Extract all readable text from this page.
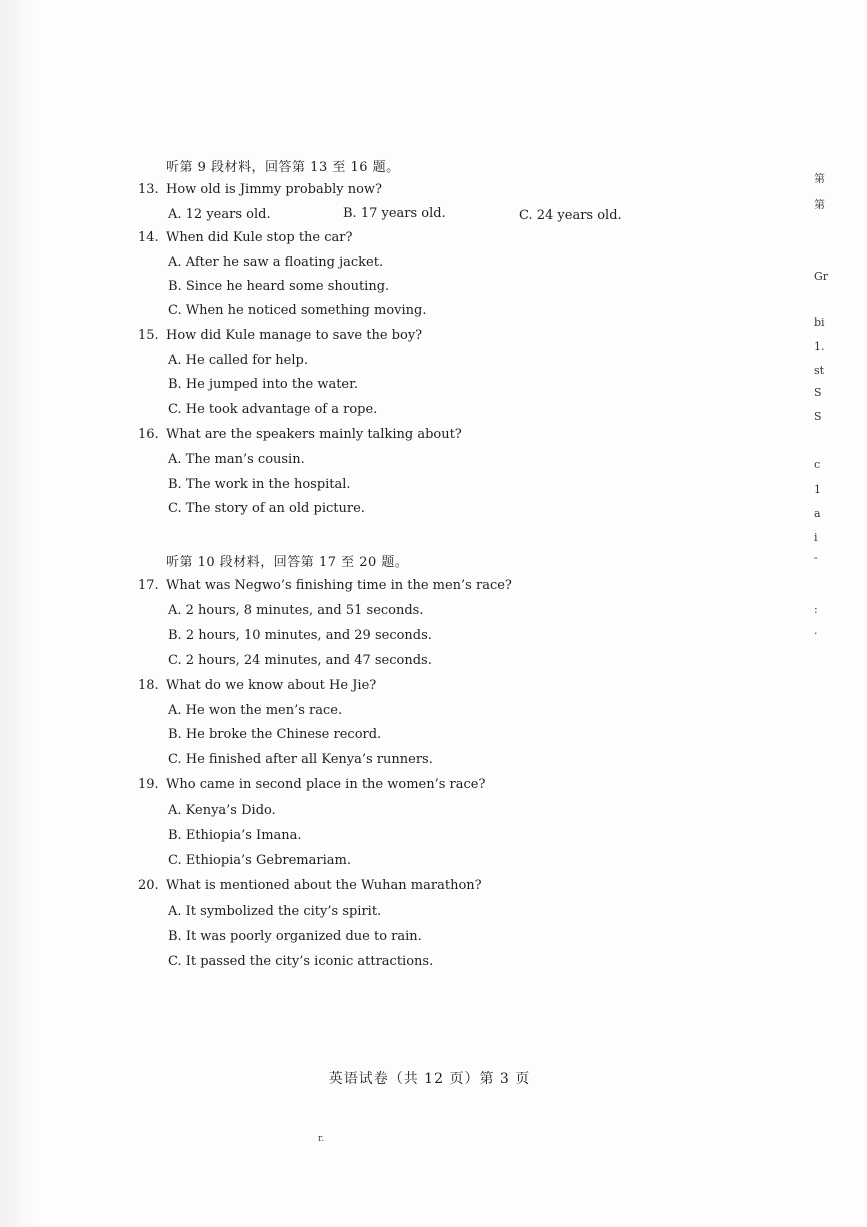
听第 9 段材料，回答第 13 至 16 题。
13. How old is Jimmy probably now?
A. 12 years old.	B. 17 years old.	C. 24 years old.
14. When did Kule stop the car?
A. After he saw a floating jacket.
B. Since he heard some shouting.
C. When he noticed something moving.
15. How did Kule manage to save the boy?
A. He called for help.
B. He jumped into the water.
C. He took advantage of a rope.
16. What are the speakers mainly talking about?
A. The man’s cousin.
B. The work in the hospital.
C. The story of an old picture.
听第 10 段材料，回答第 17 至 20 题。
17. What was Negwo’s finishing time in the men’s race?
A. 2 hours, 8 minutes, and 51 seconds.
B. 2 hours, 10 minutes, and 29 seconds.
C. 2 hours, 24 minutes, and 47 seconds.
18. What do we know about He Jie?
A. He won the men’s race.
B. He broke the Chinese record.
C. He finished after all Kenya’s runners.
19. Who came in second place in the women’s race?
A. Kenya’s Dido.
B. Ethiopia’s Imana.
C. Ethiopia’s Gebremariam.
20. What is mentioned about the Wuhan marathon?
A. It symbolized the city’s spirit.
B. It was poorly organized due to rain.
C. It passed the city’s iconic attractions.
英语试卷（共 12 页）第 3 页
r.
第
第
Gr
bi
1.
st
S
S
c
1
a
i
-
:
·
